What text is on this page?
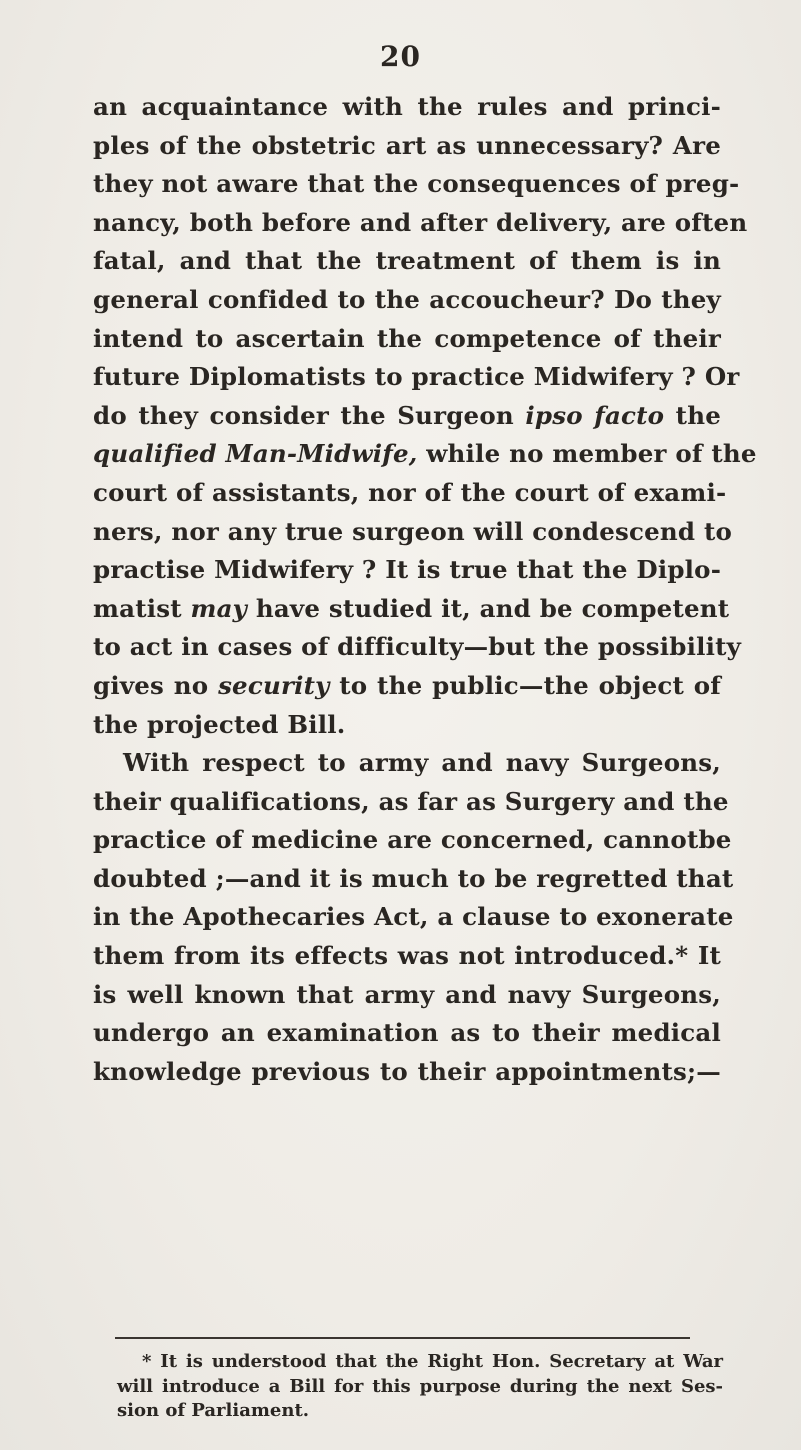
20
an acquaintance with the rules and princi-
ples of the obstetric art as unnecessary? Are
they not aware that the consequences of preg-
nancy, both before and after delivery, are often
fatal, and that the treatment of them is in
general confided to the accoucheur? Do they
intend to ascertain the competence of their
future Diplomatists to practice Midwifery ? Or
do they consider the Surgeon ipso facto the
qualified Man-Midwife, while no member of the
court of assistants, nor of the court of exami-
ners, nor any true surgeon will condescend to
practise Midwifery ? It is true that the Diplo-
matist may have studied it, and be competent
to act in cases of difficulty—but the possibility
gives no security to the public—the object of
the projected Bill.
With respect to army and navy Surgeons,
their qualifications, as far as Surgery and the
practice of medicine are concerned, cannotbe
doubted ;—and it is much to be regretted that
in the Apothecaries Act, a clause to exonerate
them from its effects was not introduced.* It
is well known that army and navy Surgeons,
undergo an examination as to their medical
knowledge previous to their appointments;—
* It is understood that the Right Hon. Secretary at War
will introduce a Bill for this purpose during the next Ses-
sion of Parliament.
